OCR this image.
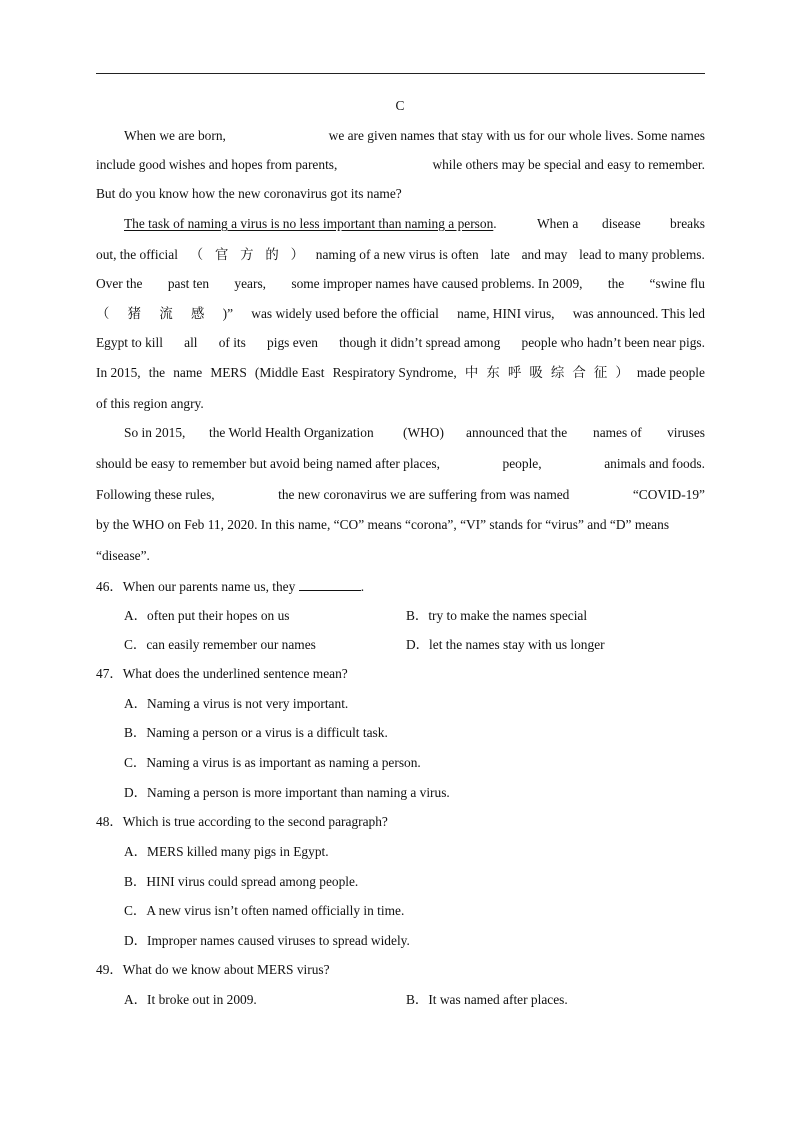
C
When we are born,	we are given names that stay with us for our whole lives. Some names
include good wishes and hopes from parents,	while others may be special and easy to remember.
But do you know how the new coronavirus got its name?
The task of naming a virus is no less important than naming a person.	When a disease breaks
out, the official （ 官 方 的 ） naming of a new virus is often late and may lead to many problems.
Over the past ten years, some improper names have caused problems. In 2009, the “swine flu
（ 猪 流 感 )” was widely used before the official name, HINI virus, was announced. This led
Egypt to kill all of its pigs even though it didn’t spread among people who hadn’t been near pigs.
In 2015, the name MERS (Middle East Respiratory Syndrome, 中 东 呼 吸 综 合 征 ） made people
of this region angry.
So in 2015, the World Health Organization (WHO) announced that the names of viruses
should be easy to remember but avoid being named after places,	people,	animals and foods.
Following these rules,	the new coronavirus we are suffering from was named	“COVID-19”
by the WHO on Feb 11, 2020. In this name, “CO” means “corona”, “VI” stands for “virus” and “D” means
“disease”.
46．When our parents name us, they	.
A．often put their hopes on us	B．try to make the names special
C．can easily remember our names	D．let the names stay with us longer
47．What does the underlined sentence mean?
A．Naming a virus is not very important.
B．Naming a person or a virus is a difficult task.
C．Naming a virus is as important as naming a person.
D．Naming a person is more important than naming a virus.
48．Which is true according to the second paragraph?
A．MERS killed many pigs in Egypt.
B．HINI virus could spread among people.
C．A new virus isn’t often named officially in time.
D．Improper names caused viruses to spread widely.
49．What do we know about MERS virus?
A．It broke out in 2009.	B．It was named after places.
